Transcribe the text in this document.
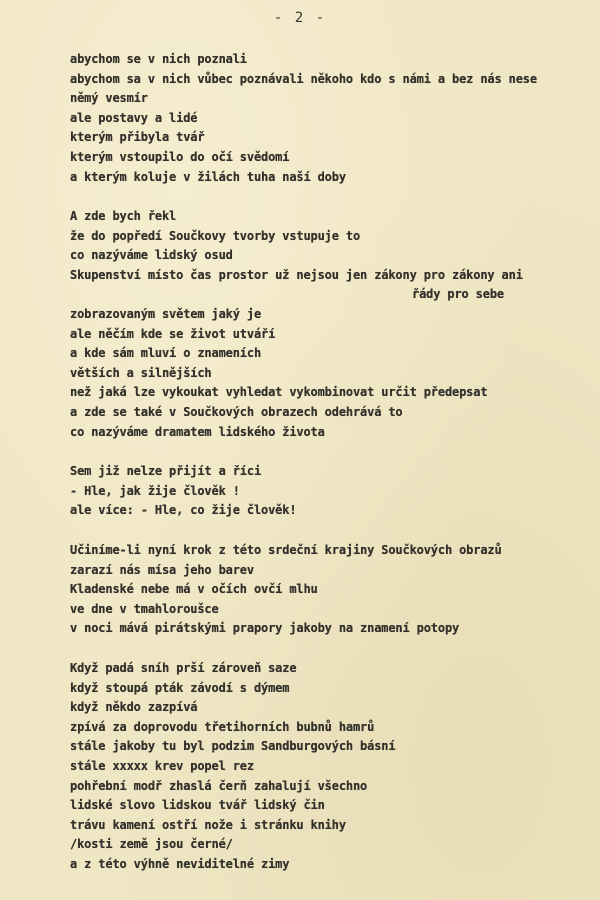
- 2 -
abychom se v nich poznali
abychom sa v nich vůbec poznávali někoho kdo s námi a bez nás nese
němý vesmír
ale postavy a lidé
kterým přibyla tvář
kterým vstoupilo do očí svědomí
a kterým koluje v žilách tuha naší doby
A zde bych řekl
že do popředí Součkovy tvorby vstupuje to
co nazýváme lidský osud
Skupenství místo čas prostor už nejsou jen zákony pro zákony ani
řády pro sebe
zobrazovaným světem jaký je
ale něčím kde se život utváří
a kde sám mluví o znameních
větších a silnějších
než jaká lze vykoukat vyhledat vykombinovat určit předepsat
a zde se také v Součkových obrazech odehrává to
co nazýváme dramatem lidského života
Sem již nelze přijít a říci
- Hle, jak žije člověk !
ale více: - Hle, co žije člověk!
Učiníme-li nyní krok z této srdeční krajiny Součkových obrazů
zarazí nás mísa jeho barev
Kladenské nebe má v očích ovčí mlhu
ve dne v tmahloroušce
v noci mává pirátskými prapory jakoby na znamení potopy
Když padá sníh prší zároveň saze
když stoupá pták závodí s dýmem
když někdo zazpívá
zpívá za doprovodu třetihorních bubnů hamrů
stále jakoby tu byl podzim Sandburgových básní
stále xxxxx krev popel rez
pohřební modř zhaslá čerň zahalují všechno
lidské slovo lidskou tvář lidský čin
trávu kamení ostří nože i stránku knihy
/kosti země jsou černé/
a z této výhně neviditelné zimy
